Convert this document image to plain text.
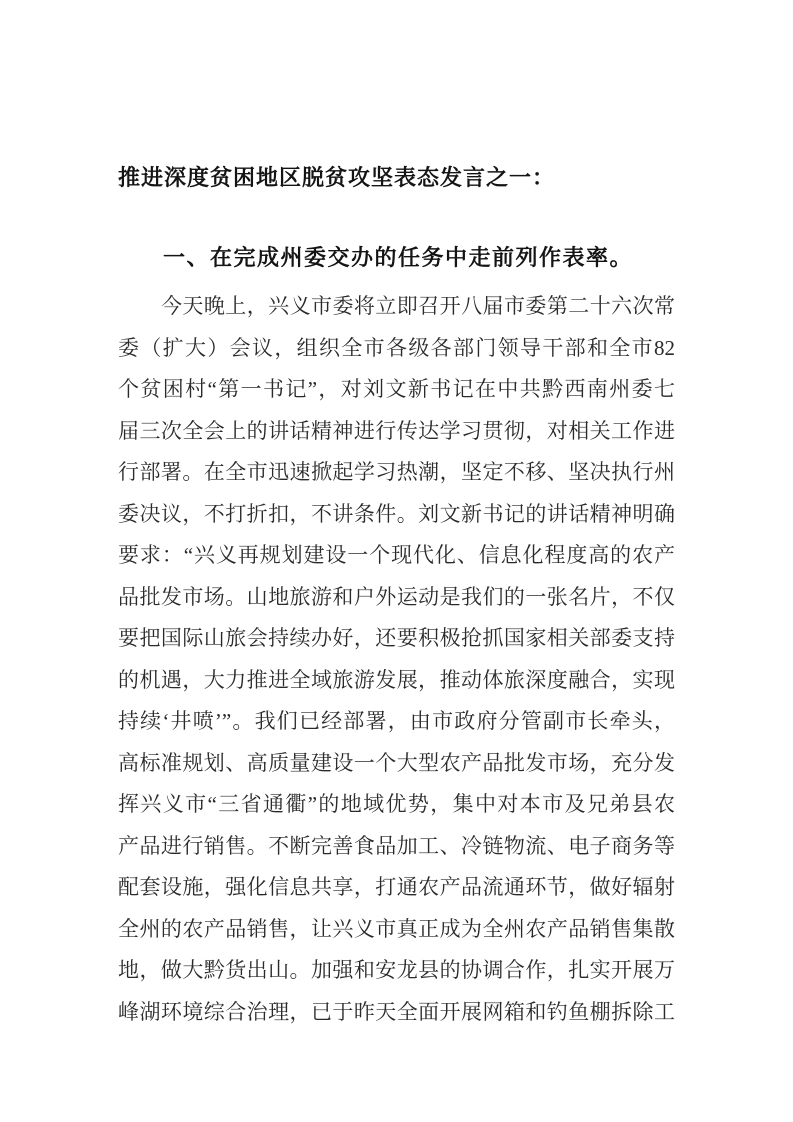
推进深度贫困地区脱贫攻坚表态发言之一：
一、在完成州委交办的任务中走前列作表率。
今天晚上，兴义市委将立即召开八届市委第二十六次常
委（扩大）会议，组织全市各级各部门领导干部和全市82
个贫困村“第一书记”，对刘文新书记在中共黔西南州委七
届三次全会上的讲话精神进行传达学习贯彻，对相关工作进
行部署。在全市迅速掀起学习热潮，坚定不移、坚决执行州
委决议，不打折扣，不讲条件。刘文新书记的讲话精神明确
要求：“兴义再规划建设一个现代化、信息化程度高的农产
品批发市场。山地旅游和户外运动是我们的一张名片，不仅
要把国际山旅会持续办好，还要积极抢抓国家相关部委支持
的机遇，大力推进全域旅游发展，推动体旅深度融合，实现
持续‘井喷’”。我们已经部署，由市政府分管副市长牵头，
高标准规划、高质量建设一个大型农产品批发市场，充分发
挥兴义市“三省通衢”的地域优势，集中对本市及兄弟县农
产品进行销售。不断完善食品加工、冷链物流、电子商务等
配套设施，强化信息共享，打通农产品流通环节，做好辐射
全州的农产品销售，让兴义市真正成为全州农产品销售集散
地，做大黔货出山。加强和安龙县的协调合作，扎实开展万
峰湖环境综合治理，已于昨天全面开展网箱和钓鱼棚拆除工
